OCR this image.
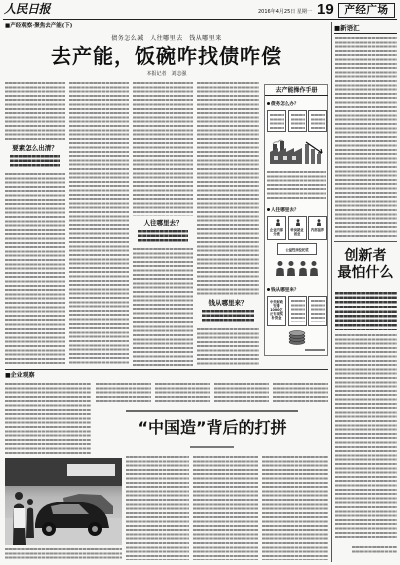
人民日报	2016年4月25日 星期一 19	产经广场
■产经观察·聚焦去产能(下)
债务怎么减　人往哪里去　钱从哪里来
去产能，饭碗咋找债咋偿
本报记者　刘志强
要素怎么出清？
人往哪里去？
钱从哪里来？
去产能操作手册
债务怎么办？
人往哪里去？
企业内部分流
转岗就业创业
内部退养
公益性岗位托底
钱从哪里来？
中央财政安排1000亿元专项奖补资金
■企业观察
“中国造”背后的打拼
■新语汇
创新者
最怕什么
